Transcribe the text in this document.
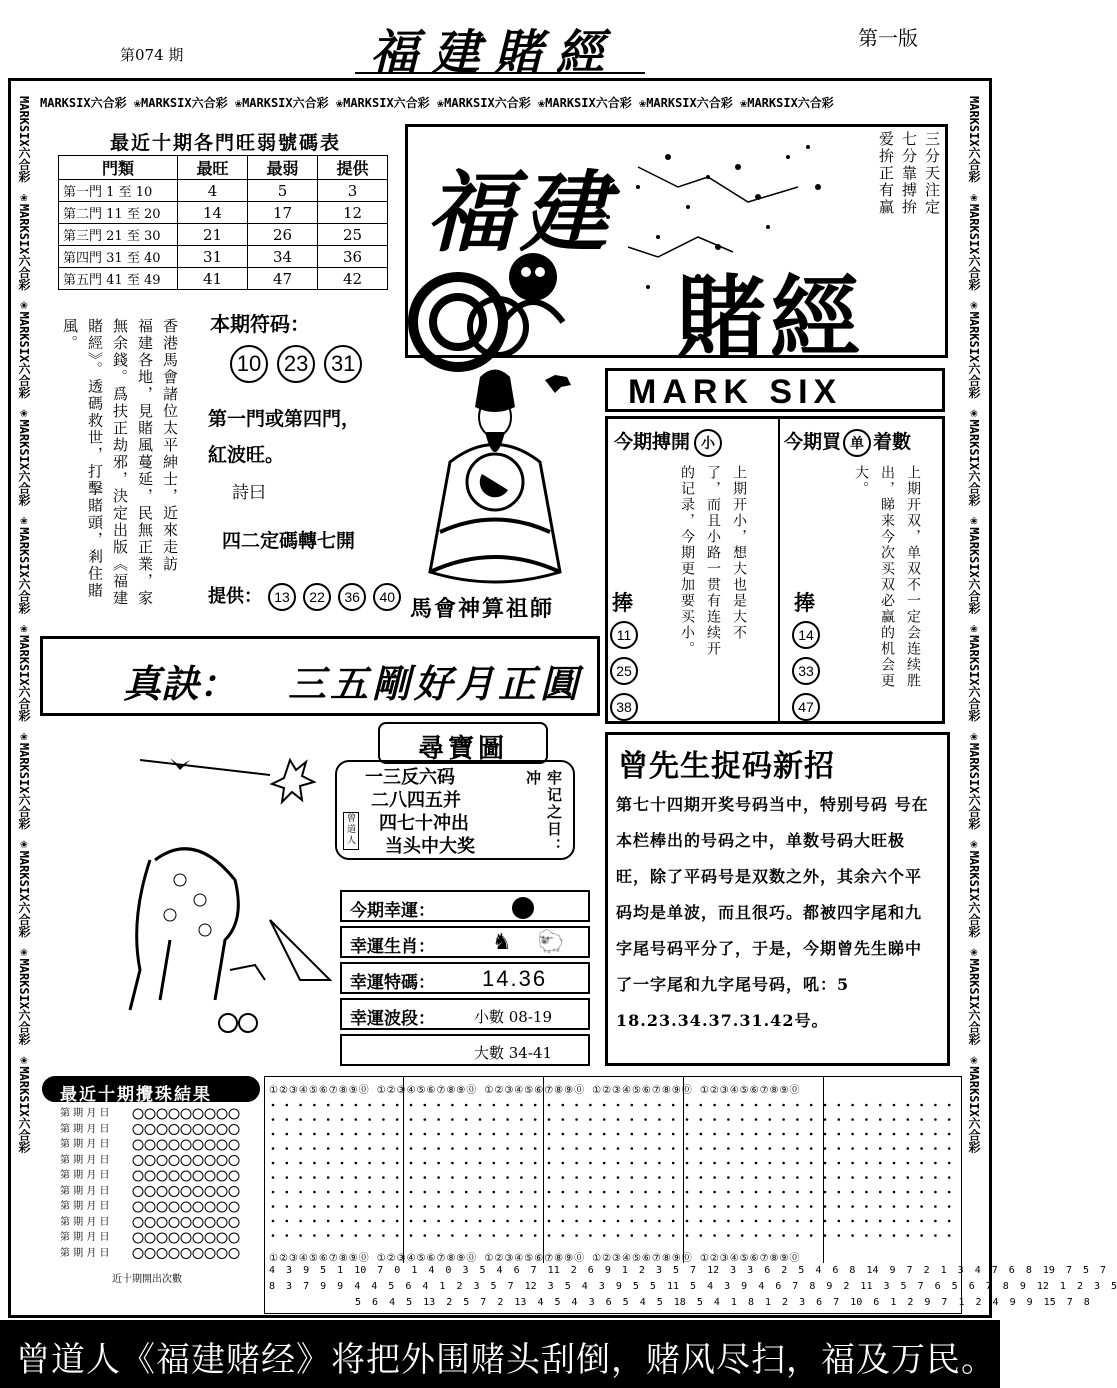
第074 期	福建賭經	第一版
MARKSIX六合彩 ❀MARKSIX六合彩 ❀MARKSIX六合彩 ❀MARKSIX六合彩 ❀MARKSIX六合彩 ❀MARKSIX六合彩 ❀MARKSIX六合彩 ❀MARKSIX六合彩
MARKSIX六合彩 ❀MARKSIX六合彩 ❀MARKSIX六合彩 ❀MARKSIX六合彩 ❀MARKSIX六合彩 ❀MARKSIX六合彩 ❀MARKSIX六合彩 ❀MARKSIX六合彩 ❀MARKSIX六合彩 ❀MARKSIX六合彩
MARKSIX六合彩 ❀MARKSIX六合彩 ❀MARKSIX六合彩 ❀MARKSIX六合彩 ❀MARKSIX六合彩 ❀MARKSIX六合彩 ❀MARKSIX六合彩 ❀MARKSIX六合彩 ❀MARKSIX六合彩 ❀MARKSIX六合彩
最近十期各門旺弱號碼表
門類	最旺	最弱	提供
第一門 1 至 10	4	5	3
第二門 11 至 20	14	17	12
第三門 21 至 30	21	26	25
第四門 31 至 40	31	34	36
第五門 41 至 49	41	47	42
福建
賭經
三分天注定
七分靠搏拚
爱拚正有赢
香港馬會諸位太平紳士，近來走訪
福建各地，見賭風蔓延，民無正業，家
無余錢。爲扶正劫邪，決定出版《福建
賭經》。透碼救世，打擊賭頭，剎住賭
風。	本期符码：
10 23 31
第一門或第四門，
紅波旺。
詩曰
四二定碼轉七開
提供： 13 22 36 40 馬會神算祖師
真訣： 三五剛好月正圓
尋寶圖
曾道人
一三反六码
二八四五并
四七十冲出
当头中大奖	牢记之日：冲
今期幸運：
幸運生肖：	♞ 🐑
幸運特碼： 14.36
幸運波段：	小數 08-19
大數 34-41
MARK SIX
今期搏開 小
上期开小，想大也是大不了，而且小路一贯有连续开的记录，今期更加要买小。
捧
11
25
38
今期買 单 着數
上期开双，单双不一定会连续胜出，睇来今次买双必赢的机会更大。
捧
14
33
47
曾先生捉码新招
第七十四期开奖号码当中，特别号码 号在本栏棒出的号码之中，单数号码大旺极旺，除了平码号是双数之外，其余六个平码均是单波，而且很巧。都被四字尾和九字尾号码平分了，于是，今期曾先生睇中了一字尾和九字尾号码，吼：5 18.23.34.37.31.42号。
最近十期攪珠結果
第 期 月 日
第 期 月 日
第 期 月 日
第 期 月 日
第 期 月 日
第 期 月 日
第 期 月 日
第 期 月 日
第 期 月 日
第 期 月 日
近十期開出次數
①②③④⑤⑥⑦⑧⑨⓪ ①②③④⑤⑥⑦⑧⑨⓪ ①②③④⑤⑥⑦⑧⑨⓪ ①②③④⑤⑥⑦⑧⑨⓪ ①②③④⑤⑥⑦⑧⑨⓪
①②③④⑤⑥⑦⑧⑨⓪ ①②③④⑤⑥⑦⑧⑨⓪ ①②③④⑤⑥⑦⑧⑨⓪ ①②③④⑤⑥⑦⑧⑨⓪ ①②③④⑤⑥⑦⑧⑨⓪
4 3 9 5 1 10 7 0 1 4 0 3 5 4 6 7 11 2 6 9 1 2 3 5 7 12 3 3 6 2 5 4 6 8 14 9 7 2 1 3 4 7 6 8 19 7 5 7
8 3 7 9 9 4 4 5 6 4 1 2 3 5 7 12 3 5 4 3 9 5 5 11 5 4 3 9 4 6 7 8 9 2 11 3 5 7 6 5 6 7 8 9 12 1 2 3 5
5 6 4 5 13 2 5 7 2 13 4 5 4 3 6 5 4 5 18 5 4 1 8 1 2 3 6 7 10 6 1 2 9 7 1 2 4 9 9 15 7 8
曾道人《福建赌经》将把外围赌头刮倒，赌风尽扫，福及万民。
